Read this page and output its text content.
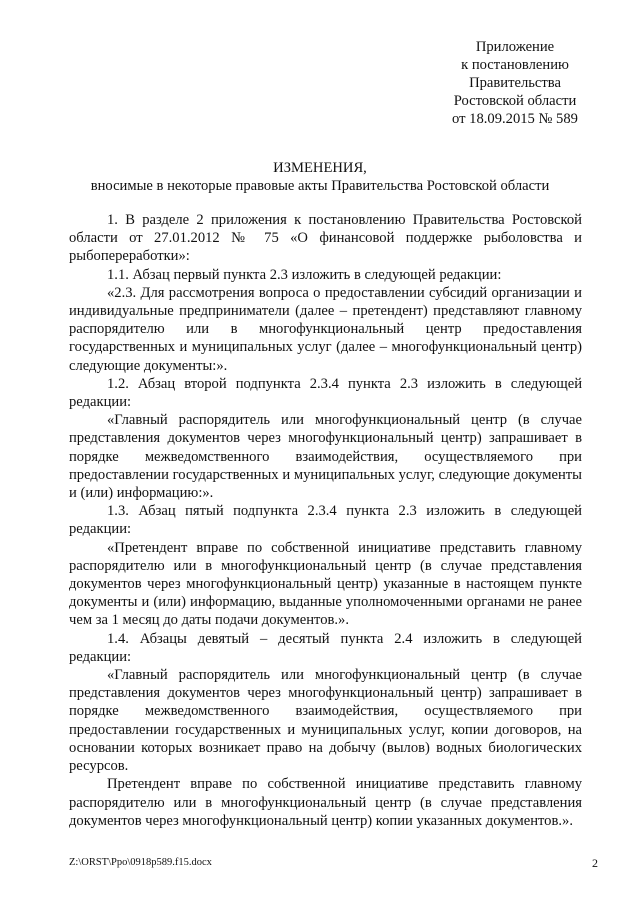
Приложение
к постановлению
Правительства
Ростовской области
от 18.09.2015 № 589
ИЗМЕНЕНИЯ,
вносимые в некоторые правовые акты Правительства Ростовской области

1. В разделе 2 приложения к постановлению Правительства Ростовской области от 27.01.2012 № 75 «О финансовой поддержке рыболовства и рыбопереработки»:

1.1. Абзац первый пункта 2.3 изложить в следующей редакции:

«2.3. Для рассмотрения вопроса о предоставлении субсидий организации и индивидуальные предприниматели (далее – претендент) представляют главному распорядителю или в многофункциональный центр предоставления государственных и муниципальных услуг (далее – многофункциональный центр) следующие документы:».

1.2. Абзац второй подпункта 2.3.4 пункта 2.3 изложить в следующей редакции:

«Главный распорядитель или многофункциональный центр (в случае представления документов через многофункциональный центр) запрашивает в порядке межведомственного взаимодействия, осуществляемого при предоставлении государственных и муниципальных услуг, следующие документы и (или) информацию:».

1.3. Абзац пятый подпункта 2.3.4 пункта 2.3 изложить в следующей редакции:

«Претендент вправе по собственной инициативе представить главному распорядителю или в многофункциональный центр (в случае представления документов через многофункциональный центр) указанные в настоящем пункте документы и (или) информацию, выданные уполномоченными органами не ранее чем за 1 месяц до даты подачи документов.».

1.4. Абзацы девятый – десятый пункта 2.4 изложить в следующей редакции:

«Главный распорядитель или многофункциональный центр (в случае представления документов через многофункциональный центр) запрашивает в порядке межведомственного взаимодействия, осуществляемого при предоставлении государственных и муниципальных услуг, копии договоров, на основании которых возникает право на добычу (вылов) водных биологических ресурсов.

Претендент вправе по собственной инициативе представить главному распорядителю или в многофункциональный центр (в случае представления документов через многофункциональный центр) копии указанных документов.».

Z:\ORST\Ppo\0918p589.f15.docx	2
